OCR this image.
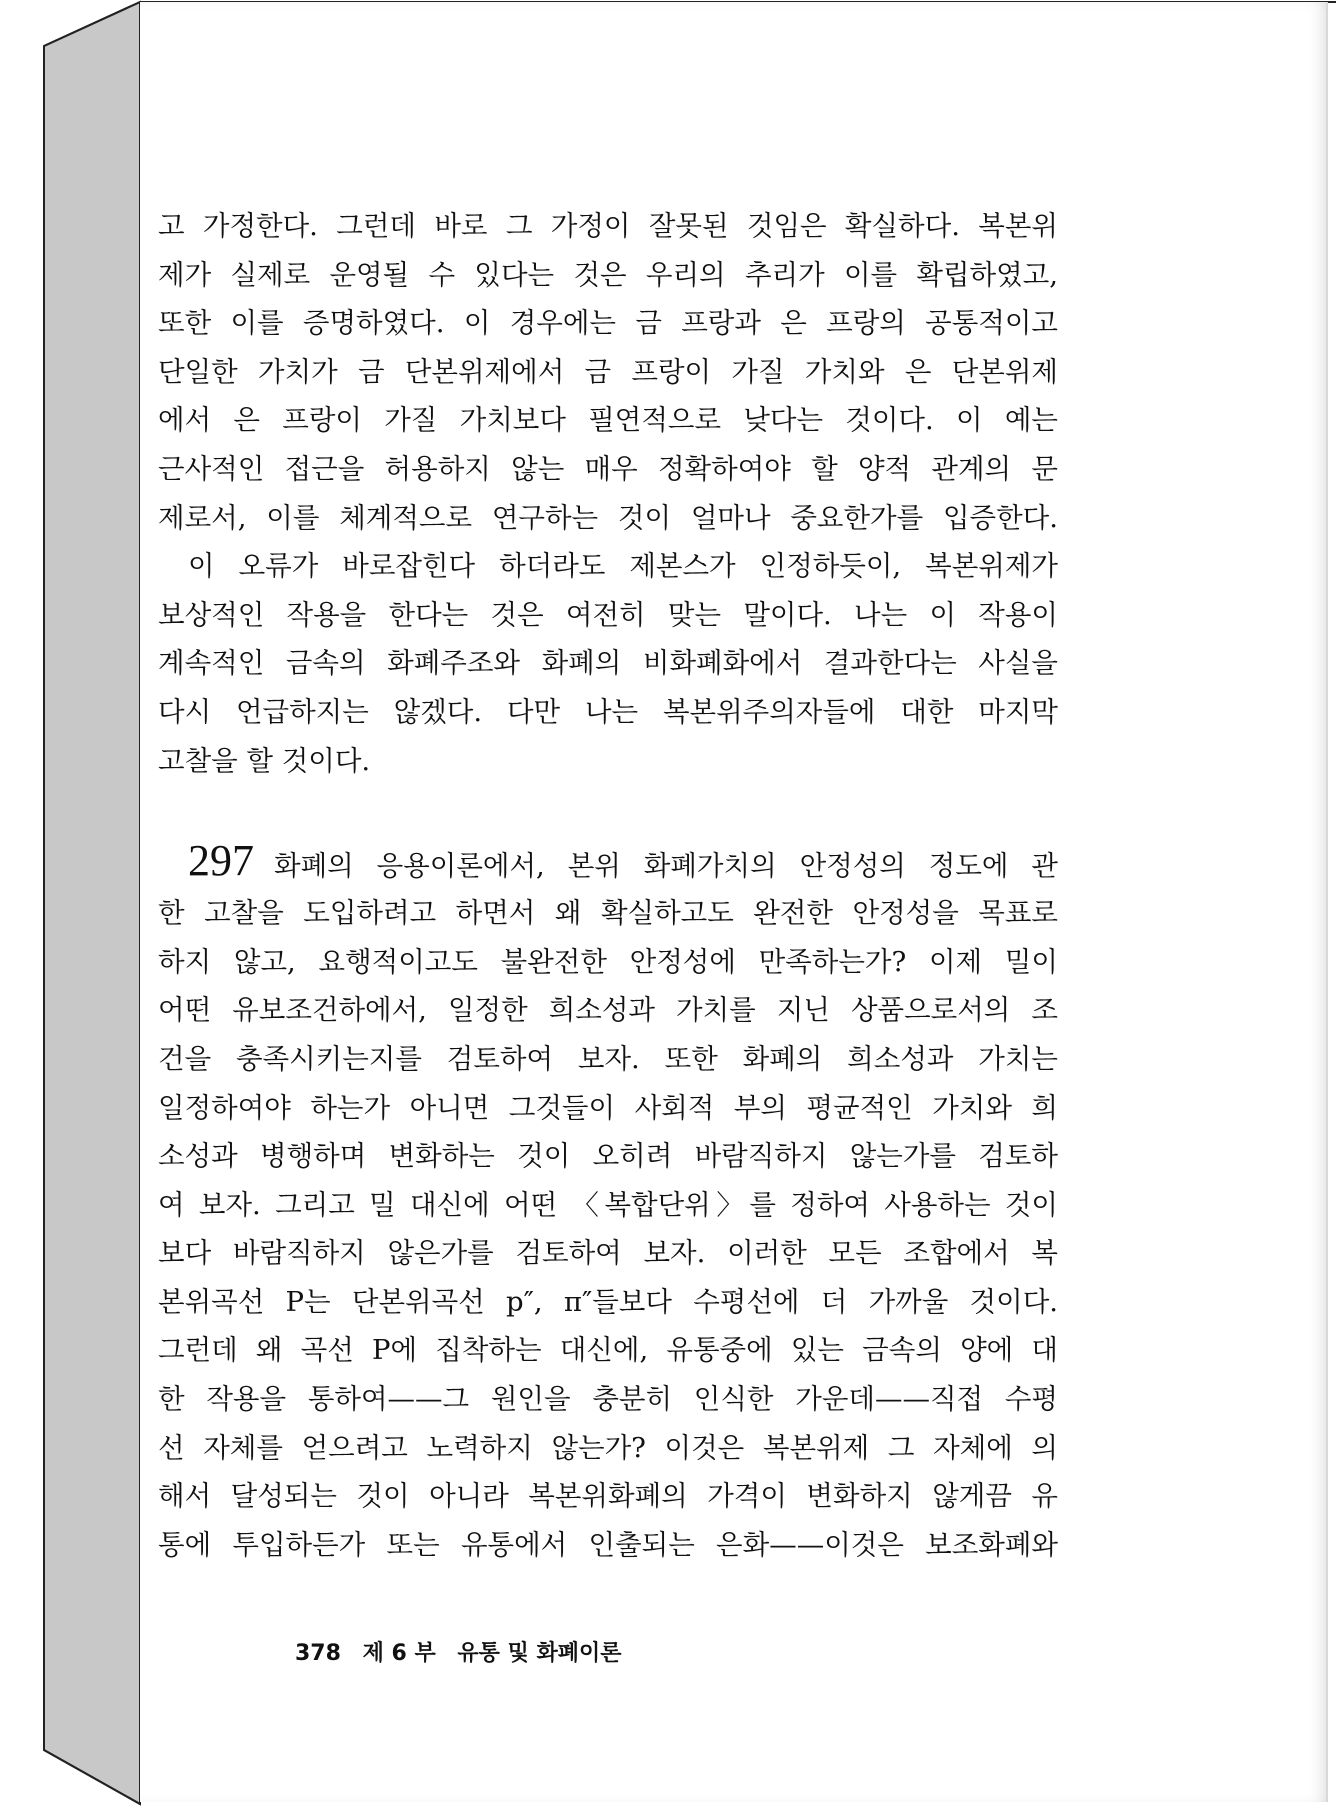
고 가정한다. 그런데 바로 그 가정이 잘못된 것임은 확실하다. 복본위
제가 실제로 운영될 수 있다는 것은 우리의 추리가 이를 확립하였고,
또한 이를 증명하였다. 이 경우에는 금 프랑과 은 프랑의 공통적이고
단일한 가치가 금 단본위제에서 금 프랑이 가질 가치와 은 단본위제
에서 은 프랑이 가질 가치보다 필연적으로 낮다는 것이다. 이 예는
근사적인 접근을 허용하지 않는 매우 정확하여야 할 양적 관계의 문
제로서, 이를 체계적으로 연구하는 것이 얼마나 중요한가를 입증한다.
이 오류가 바로잡힌다 하더라도 제본스가 인정하듯이, 복본위제가
보상적인 작용을 한다는 것은 여전히 맞는 말이다. 나는 이 작용이
계속적인 금속의 화폐주조와 화폐의 비화폐화에서 결과한다는 사실을
다시 언급하지는 않겠다. 다만 나는 복본위주의자들에 대한 마지막
고찰을 할 것이다.
297 화폐의 응용이론에서, 본위 화폐가치의 안정성의 정도에 관
한 고찰을 도입하려고 하면서 왜 확실하고도 완전한 안정성을 목표로
하지 않고, 요행적이고도 불완전한 안정성에 만족하는가? 이제 밀이
어떤 유보조건하에서, 일정한 희소성과 가치를 지닌 상품으로서의 조
건을 충족시키는지를 검토하여 보자. 또한 화폐의 희소성과 가치는
일정하여야 하는가 아니면 그것들이 사회적 부의 평균적인 가치와 희
소성과 병행하며 변화하는 것이 오히려 바람직하지 않는가를 검토하
여 보자. 그리고 밀 대신에 어떤 〈복합단위〉를 정하여 사용하는 것이
보다 바람직하지 않은가를 검토하여 보자. 이러한 모든 조합에서 복
본위곡선 P는 단본위곡선 p″, π″들보다 수평선에 더 가까울 것이다.
그런데 왜 곡선 P에 집착하는 대신에, 유통중에 있는 금속의 양에 대
한 작용을 통하여——그 원인을 충분히 인식한 가운데——직접 수평
선 자체를 얻으려고 노력하지 않는가? 이것은 복본위제 그 자체에 의
해서 달성되는 것이 아니라 복본위화폐의 가격이 변화하지 않게끔 유
통에 투입하든가 또는 유통에서 인출되는 은화——이것은 보조화폐와
378 제 6 부 유통 및 화폐이론
